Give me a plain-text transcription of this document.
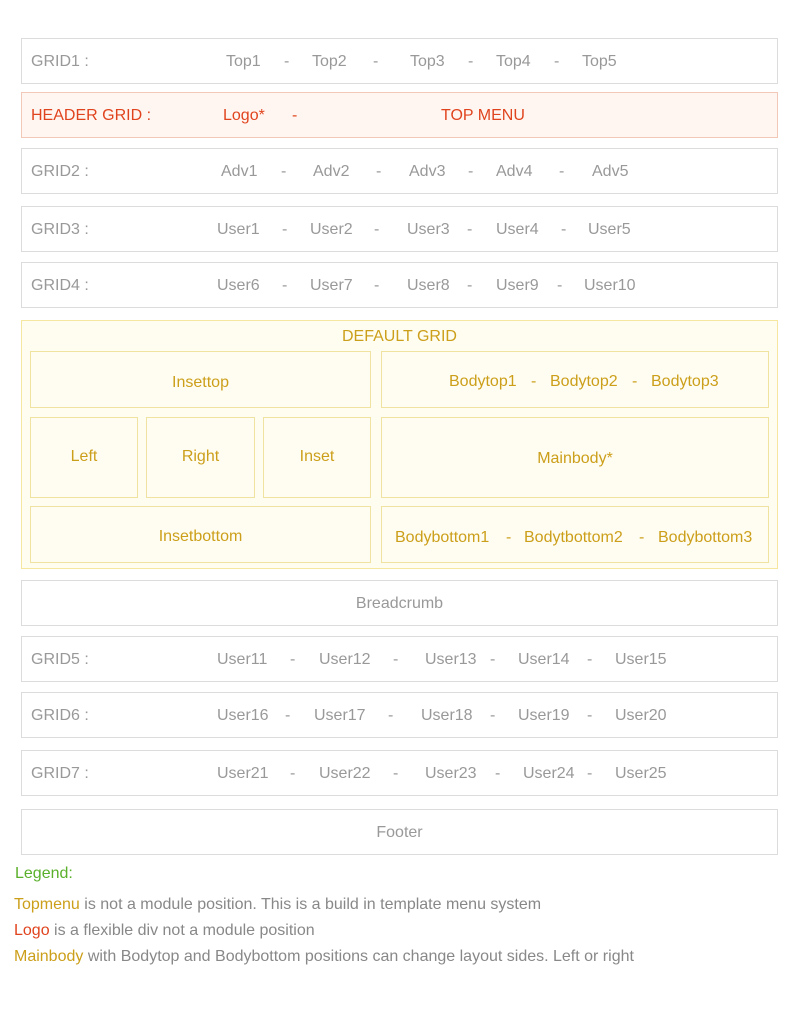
GRID1 :	Top1 - Top2 - Top3 - Top4 - Top5
HEADER GRID :	Logo* -	TOP MENU
GRID2 :	Adv1 - Adv2 - Adv3 - Adv4 - Adv5
GRID3 :	User1 - User2 - User3 - User4 - User5
GRID4 :	User6 - User7 - User8 - User9 - User10
DEFAULT GRID
Insettop	Bodytop1 - Bodytop2 - Bodytop3
Left	Right	Inset	Mainbody*
Insetbottom	Bodybottom1 - Bodytbottom2 - Bodybottom3
Breadcrumb
GRID5 :	User11 - User12 - User13 - User14 - User15
GRID6 :	User16 - User17 - User18 - User19 - User20
GRID7 :	User21 - User22 - User23 - User24 - User25
Footer
Legend:
Topmenu is not a module position. This is a build in template menu system
Logo is a flexible div not a module position
Mainbody with Bodytop and Bodybottom positions can change layout sides. Left or right
